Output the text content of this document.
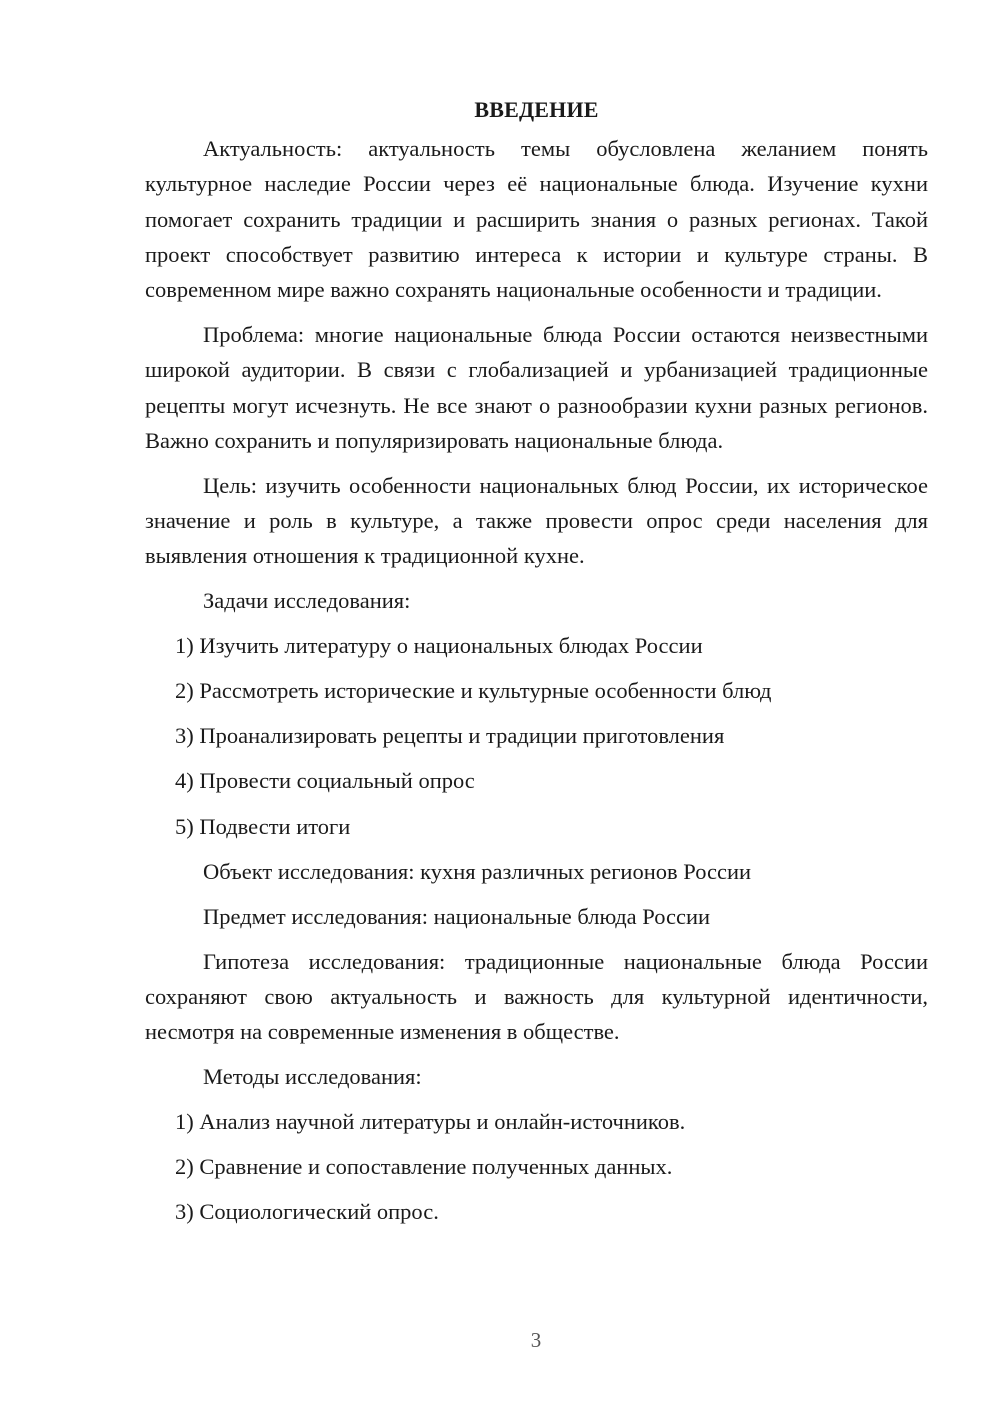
ВВЕДЕНИЕ

Актуальность: актуальность темы обусловлена желанием понять культурное наследие России через её национальные блюда. Изучение кухни помогает сохранить традиции и расширить знания о разных регионах. Такой проект способствует развитию интереса к истории и культуре страны. В современном мире важно сохранять национальные особенности и традиции.

Проблема: многие национальные блюда России остаются неизвестными широкой аудитории. В связи с глобализацией и урбанизацией традиционные рецепты могут исчезнуть. Не все знают о разнообразии кухни разных регионов. Важно сохранить и популяризировать национальные блюда.

Цель: изучить особенности национальных блюд России, их историческое значение и роль в культуре, а также провести опрос среди населения для выявления отношения к традиционной кухне.

Задачи исследования:
1) Изучить литературу о национальных блюдах России
2) Рассмотреть исторические и культурные особенности блюд
3) Проанализировать рецепты и традиции приготовления
4) Провести социальный опрос
5) Подвести итоги
Объект исследования: кухня различных регионов России
Предмет исследования: национальные блюда России

Гипотеза исследования: традиционные национальные блюда России сохраняют свою актуальность и важность для культурной идентичности, несмотря на современные изменения в обществе.

Методы исследования:
1) Анализ научной литературы и онлайн-источников.
2) Сравнение и сопоставление полученных данных.
3) Социологический опрос.
3
